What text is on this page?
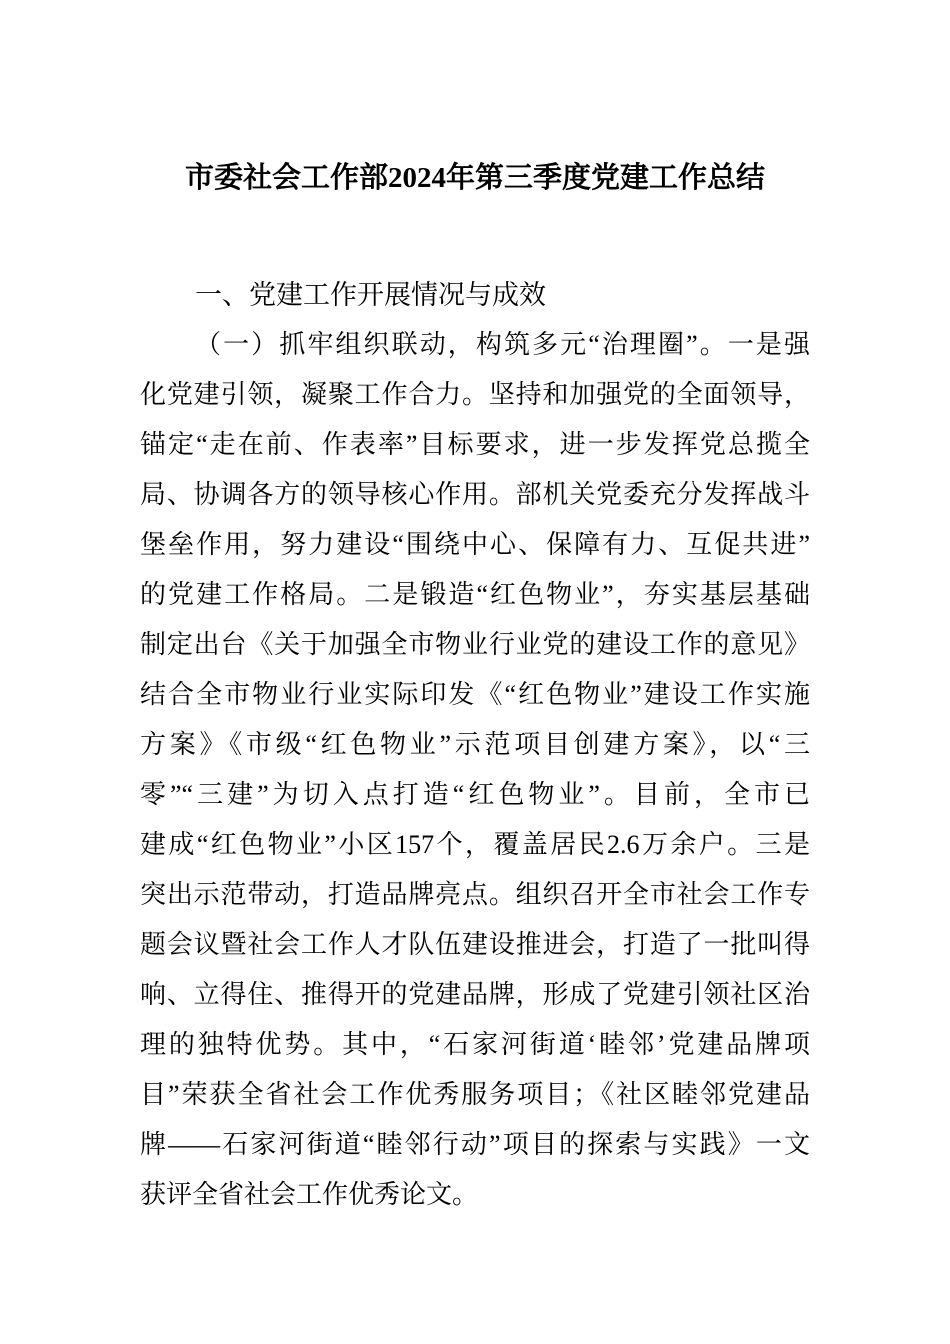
市委社会工作部2024年第三季度党建工作总结
一、党建工作开展情况与成效
（一）抓牢组织联动，构筑多元“治理圈”。一是强
化党建引领，凝聚工作合力。坚持和加强党的全面领导，
锚定“走在前、作表率”目标要求，进一步发挥党总揽全
局、协调各方的领导核心作用。部机关党委充分发挥战斗
堡垒作用，努力建设“围绕中心、保障有力、互促共进”
的党建工作格局。二是锻造“红色物业”，夯实基层基础
制定出台《关于加强全市物业行业党的建设工作的意见》
结合全市物业行业实际印发《“红色物业”建设工作实施
方案》《市级“红色物业”示范项目创建方案》，以“三
零”“三建”为切入点打造“红色物业”。目前，全市已
建成“红色物业”小区157个，覆盖居民2.6万余户。三是
突出示范带动，打造品牌亮点。组织召开全市社会工作专
题会议暨社会工作人才队伍建设推进会，打造了一批叫得
响、立得住、推得开的党建品牌，形成了党建引领社区治
理的独特优势。其中，“石家河街道‘睦邻’党建品牌项
目”荣获全省社会工作优秀服务项目；《社区睦邻党建品
牌——石家河街道“睦邻行动”项目的探索与实践》一文
获评全省社会工作优秀论文。
